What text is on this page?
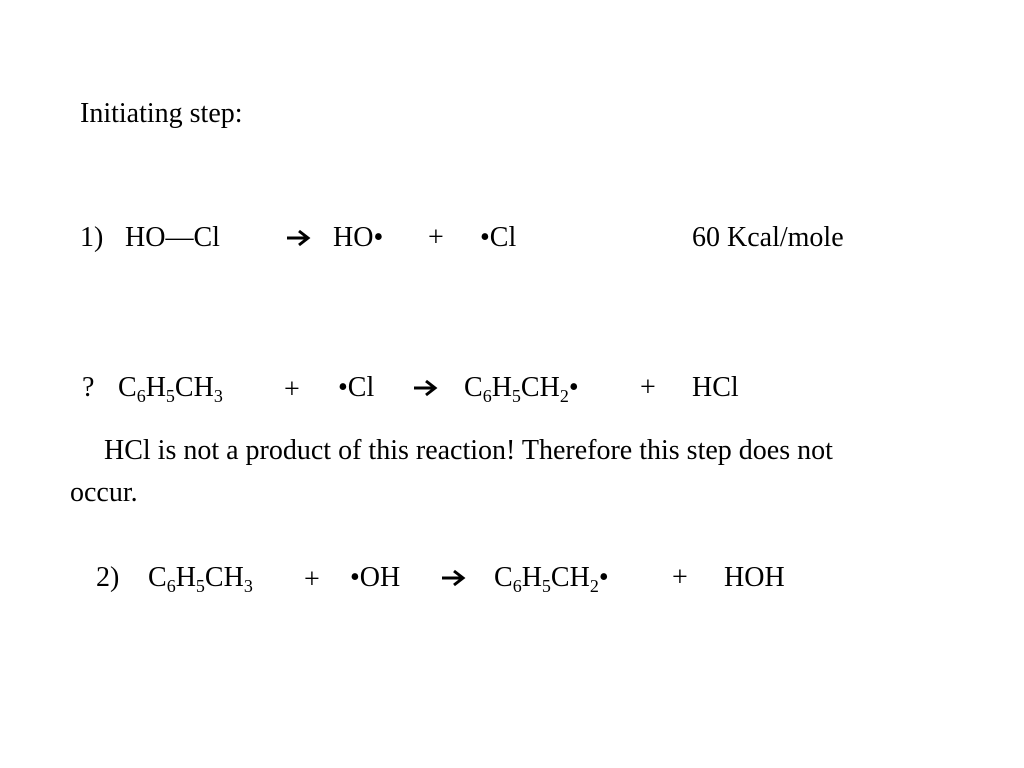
Initiating step:
1) HO—Cl	HO• + •Cl	60 Kcal/mole
? $C_6H_5CH_3$ + •Cl	$C_6H_5CH_2•$ + HCl
HCl is not a product of this reaction! Therefore this step does not occur.
2) $C_6H_5CH_3$ + •OH	$C_6H_5CH_2•$ + HOH
